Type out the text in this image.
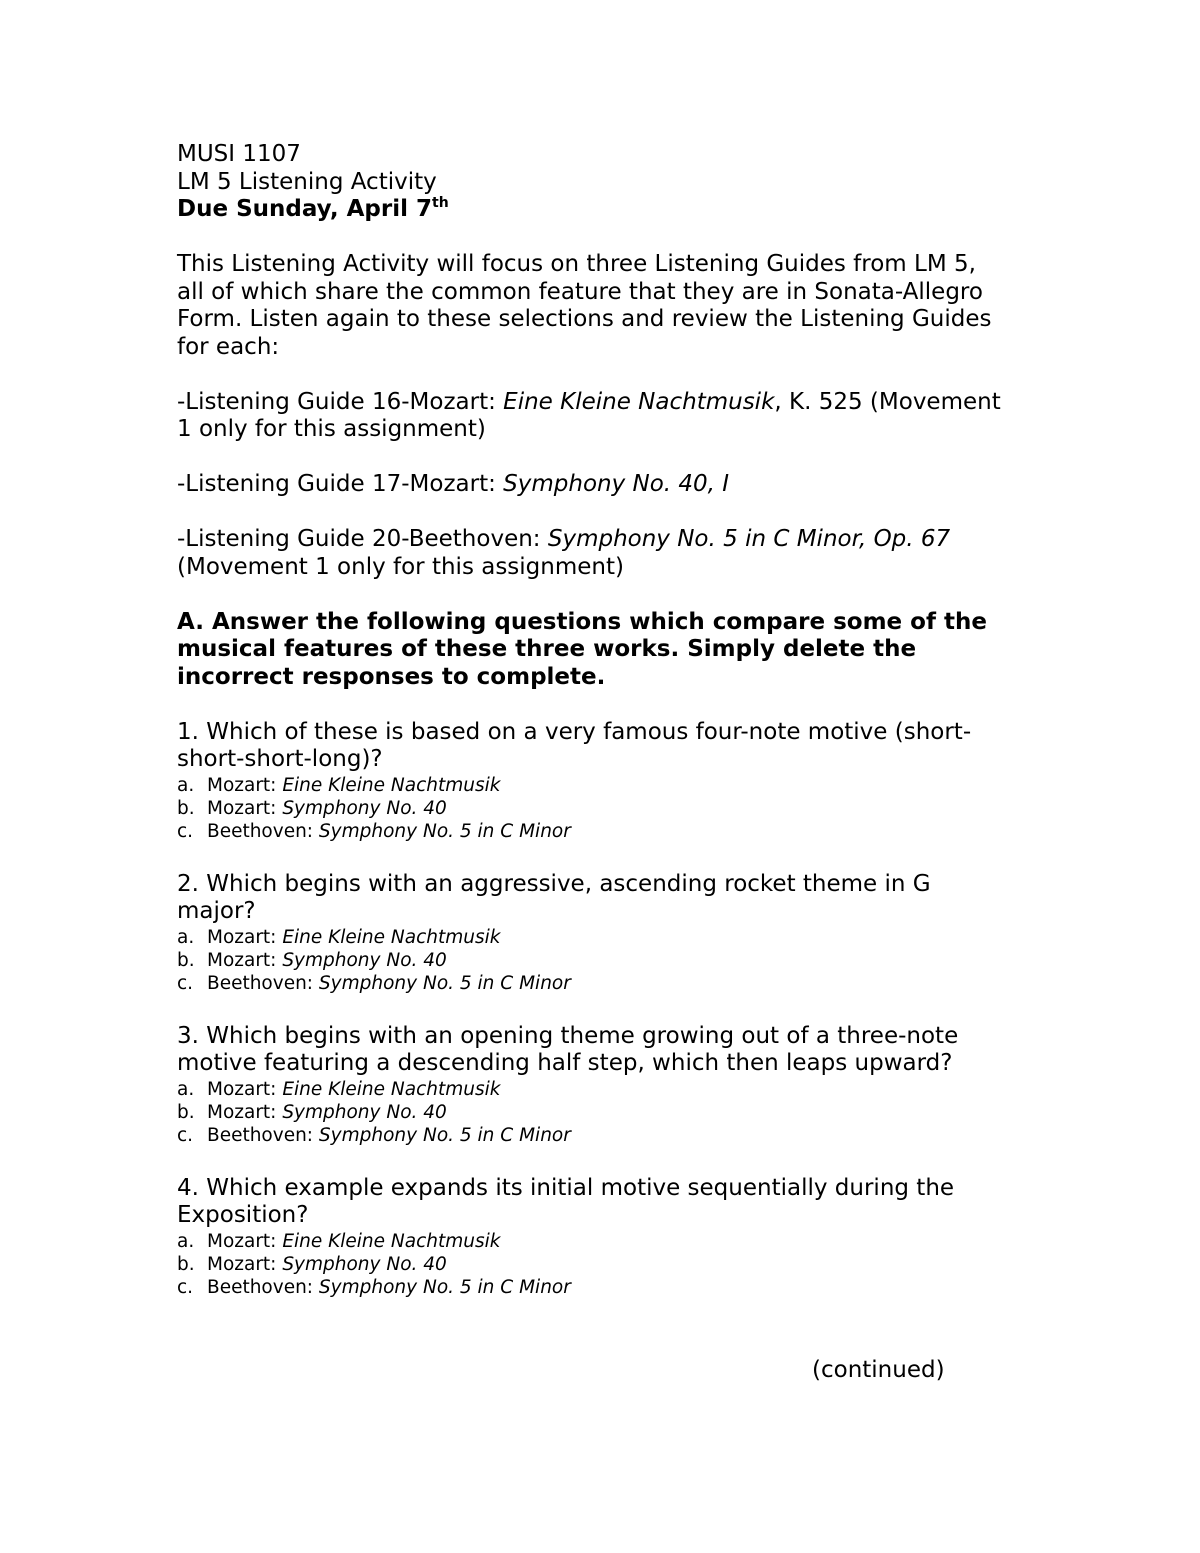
MUSI 1107

LM 5 Listening Activity

Due Sunday, April 7th

This Listening Activity will focus on three Listening Guides from LM 5,

all of which share the common feature that they are in Sonata-Allegro

Form. Listen again to these selections and review the Listening Guides

for each:

-Listening Guide 16-Mozart: Eine Kleine Nachtmusik, K. 525 (Movement

1 only for this assignment)

-Listening Guide 17-Mozart: Symphony No. 40, I

-Listening Guide 20-Beethoven: Symphony No. 5 in C Minor, Op. 67

(Movement 1 only for this assignment)

A. Answer the following questions which compare some of the

musical features of these three works. Simply delete the

incorrect responses to complete.

1. Which of these is based on a very famous four-note motive (short-

short-short-long)?

a. Mozart: Eine Kleine Nachtmusik

b. Mozart: Symphony No. 40

c. Beethoven: Symphony No. 5 in C Minor

2. Which begins with an aggressive, ascending rocket theme in G

major?

a. Mozart: Eine Kleine Nachtmusik

b. Mozart: Symphony No. 40

c. Beethoven: Symphony No. 5 in C Minor

3. Which begins with an opening theme growing out of a three-note

motive featuring a descending half step, which then leaps upward?

a. Mozart: Eine Kleine Nachtmusik

b. Mozart: Symphony No. 40

c. Beethoven: Symphony No. 5 in C Minor

4. Which example expands its initial motive sequentially during the

Exposition?

a. Mozart: Eine Kleine Nachtmusik

b. Mozart: Symphony No. 40

c. Beethoven: Symphony No. 5 in C Minor

(continued)
